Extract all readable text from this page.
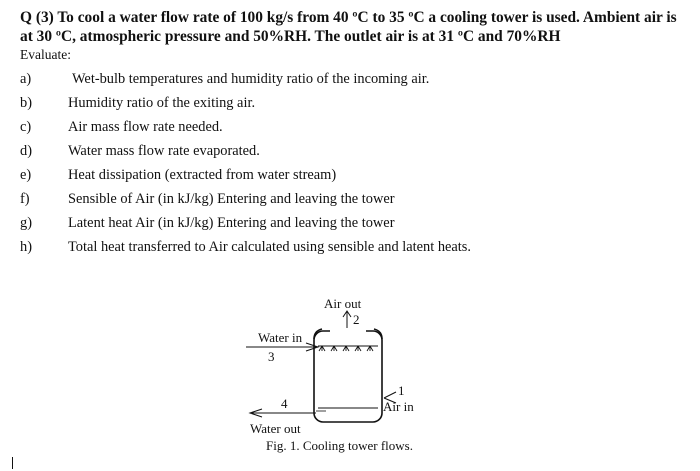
Q (3) To cool a water flow rate of 100 kg/s from 40 ºC to 35 ºC a cooling tower is used. Ambient air is at 30 ºC, atmospheric pressure and 50%RH. The outlet air is at 31 ºC and 70%RH

Evaluate:

a)	Wet-bulb temperatures and humidity ratio of the incoming air.
b)	Humidity ratio of the exiting air.
c)	Air mass flow rate needed.
d)	Water mass flow rate evaporated.
e)	Heat dissipation (extracted from water stream)
f)	Sensible of Air (in kJ/kg) Entering and leaving the tower
g)	Latent heat Air (in kJ/kg) Entering and leaving the tower
h)	Total heat transferred to Air calculated using sensible and latent heats.
Air out
2
Water in
3
1
Air in
4
Water out

Fig. 1. Cooling tower flows.
